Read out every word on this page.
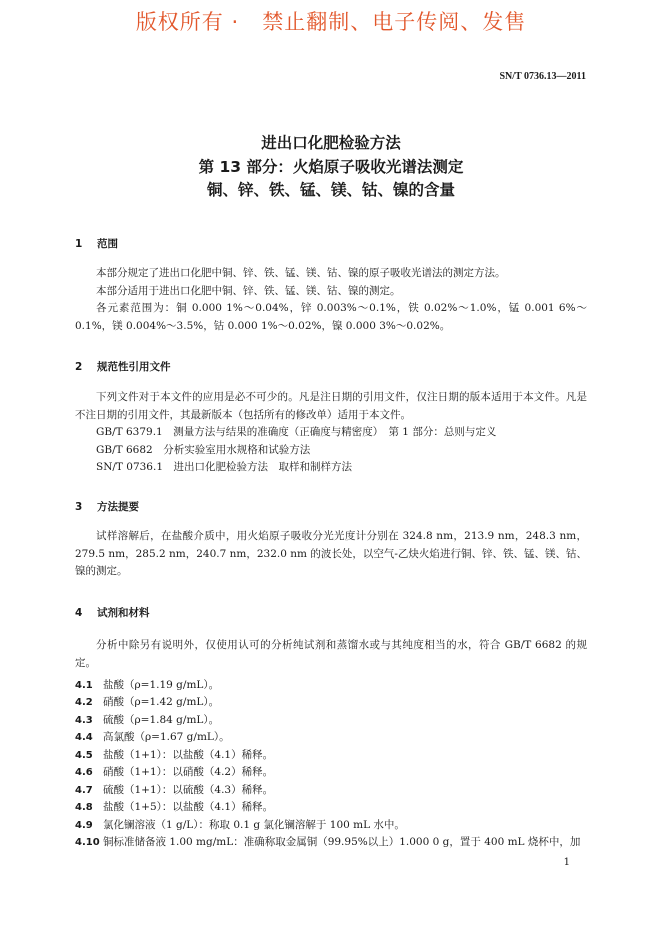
版权所有 ·   禁止翻制、电子传阅、发售
SN/T 0736.13—2011
进出口化肥检验方法
第 13 部分：火焰原子吸收光谱法测定
铜、锌、铁、锰、镁、钴、镍的含量
1 范围

本部分规定了进出口化肥中铜、锌、铁、锰、镁、钴、镍的原子吸收光谱法的测定方法。

本部分适用于进出口化肥中铜、锌、铁、锰、镁、钴、镍的测定。

各元素范围为：铜 0.000 1%～0.04%，锌 0.003%～0.1%，铁 0.02%～1.0%，锰 0.001 6%～0.1%，镁 0.004%～3.5%，钴 0.000 1%～0.02%，镍 0.000 3%～0.02%。

2 规范性引用文件

下列文件对于本文件的应用是必不可少的。凡是注日期的引用文件，仅注日期的版本适用于本文件。凡是不注日期的引用文件，其最新版本（包括所有的修改单）适用于本文件。

GB/T 6379.1　测量方法与结果的准确度（正确度与精密度）　第 1 部分：总则与定义

GB/T 6682　分析实验室用水规格和试验方法

SN/T 0736.1　进出口化肥检验方法　取样和制样方法

3 方法提要

试样溶解后，在盐酸介质中，用火焰原子吸收分光光度计分别在 324.8 nm，213.9 nm，248.3 nm，279.5 nm，285.2 nm，240.7 nm，232.0 nm 的波长处，以空气-乙炔火焰进行铜、锌、铁、锰、镁、钴、镍的测定。

4 试剂和材料

分析中除另有说明外，仅使用认可的分析纯试剂和蒸馏水或与其纯度相当的水，符合 GB/T 6682 的规定。

4.1 盐酸（ρ=1.19 g/mL）。
4.2 硝酸（ρ=1.42 g/mL）。
4.3 硫酸（ρ=1.84 g/mL）。
4.4 高氯酸（ρ=1.67 g/mL）。
4.5 盐酸（1+1）：以盐酸（4.1）稀释。
4.6 硝酸（1+1）：以硝酸（4.2）稀释。
4.7 硫酸（1+1）：以硫酸（4.3）稀释。
4.8 盐酸（1+5）：以盐酸（4.1）稀释。
4.9 氯化镧溶液（1 g/L）：称取 0.1 g 氯化镧溶解于 100 mL 水中。
4.10 铜标准储备液 1.00 mg/mL：准确称取金属铜（99.95%以上）1.000 0 g，置于 400 mL 烧杯中，加
1
